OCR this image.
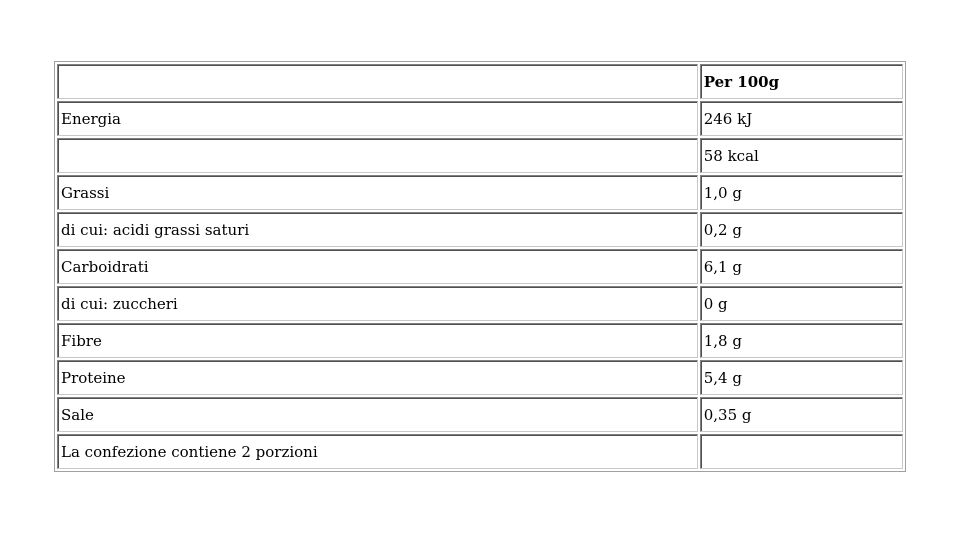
	Per 100g
Energia	246 kJ
	58 kcal
Grassi	1,0 g
di cui: acidi grassi saturi	0,2 g
Carboidrati	6,1 g
di cui: zuccheri	0 g
Fibre	1,8 g
Proteine	5,4 g
Sale	0,35 g
La confezione contiene 2 porzioni	
